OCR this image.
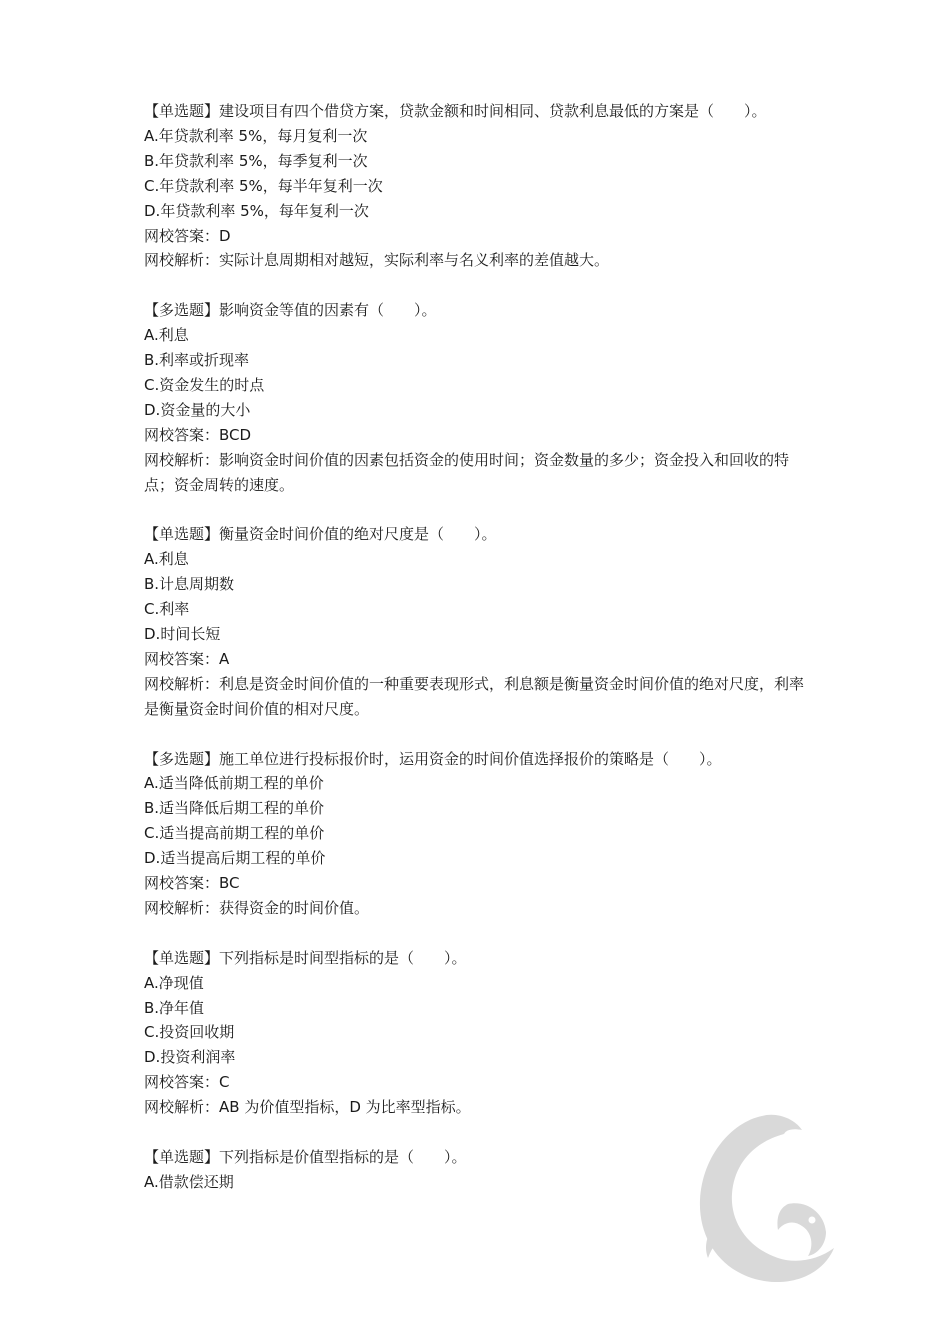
【单选题】建设项目有四个借贷方案，贷款金额和时间相同、贷款利息最低的方案是（　　）。
A.年贷款利率 5%，每月复利一次
B.年贷款利率 5%，每季复利一次
C.年贷款利率 5%，每半年复利一次
D.年贷款利率 5%，每年复利一次
网校答案：D
网校解析：实际计息周期相对越短，实际利率与名义利率的差值越大。
【多选题】影响资金等值的因素有（　　）。
A.利息
B.利率或折现率
C.资金发生的时点
D.资金量的大小
网校答案：BCD
网校解析：影响资金时间价值的因素包括资金的使用时间；资金数量的多少；资金投入和回收的特点；资金周转的速度。
【单选题】衡量资金时间价值的绝对尺度是（　　）。
A.利息
B.计息周期数
C.利率
D.时间长短
网校答案：A
网校解析：利息是资金时间价值的一种重要表现形式，利息额是衡量资金时间价值的绝对尺度，利率是衡量资金时间价值的相对尺度。
【多选题】施工单位进行投标报价时，运用资金的时间价值选择报价的策略是（　　）。
A.适当降低前期工程的单价
B.适当降低后期工程的单价
C.适当提高前期工程的单价
D.适当提高后期工程的单价
网校答案：BC
网校解析：获得资金的时间价值。
【单选题】下列指标是时间型指标的是（　　）。
A.净现值
B.净年值
C.投资回收期
D.投资利润率
网校答案：C
网校解析：AB 为价值型指标，D 为比率型指标。
【单选题】下列指标是价值型指标的是（　　）。
A.借款偿还期
